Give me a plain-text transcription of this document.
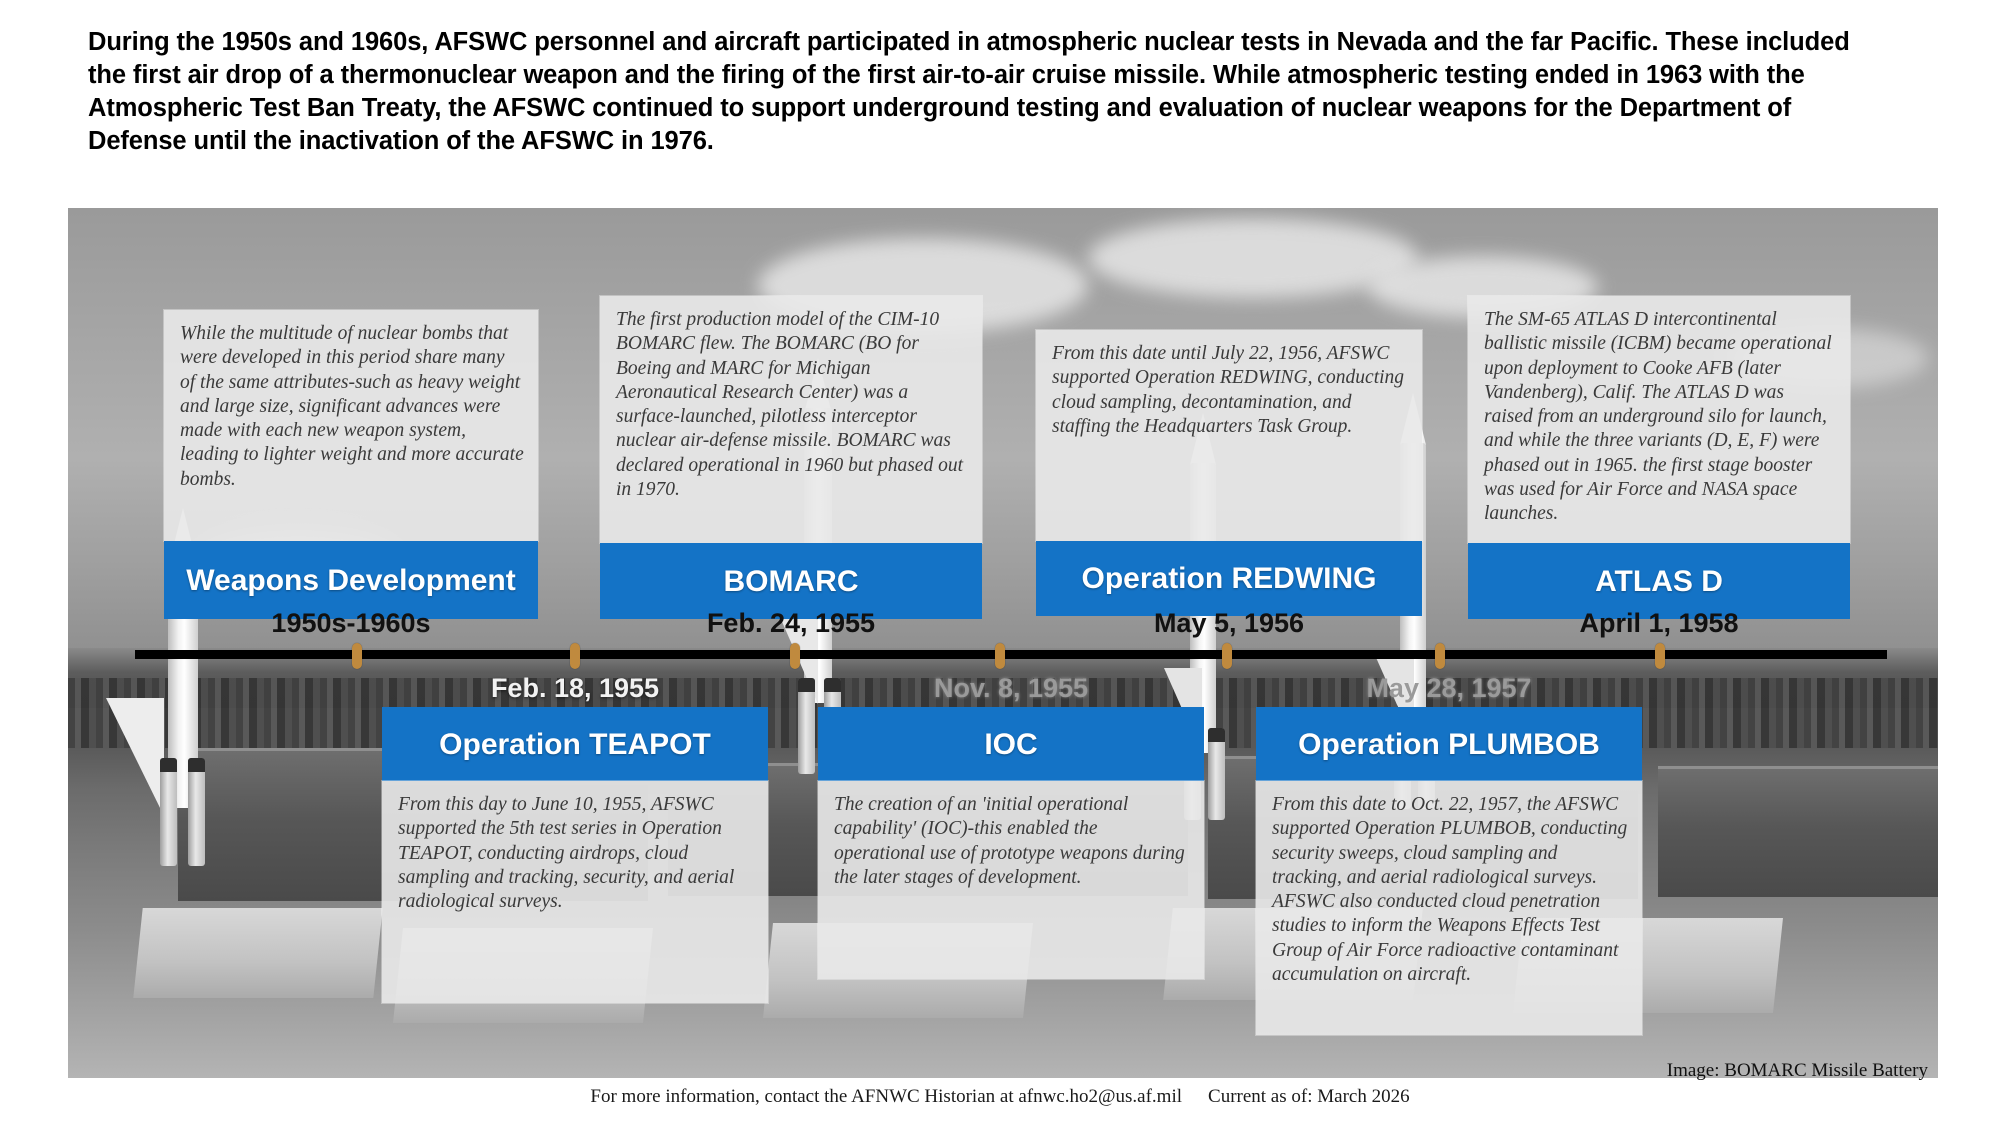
During the 1950s and 1960s, AFSWC personnel and aircraft participated in atmospheric nuclear tests in Nevada and the far Pacific. These included the first air drop of a thermonuclear weapon and the firing of the first air-to-air cruise missile. While atmospheric testing ended in 1963 with the Atmospheric Test Ban Treaty, the AFSWC continued to support underground testing and evaluation of nuclear weapons for the Department of Defense until the inactivation of the AFSWC in 1976.
While the multitude of nuclear bombs that were developed in this period share many of the same attributes-such as heavy weight and large size, significant advances were made with each new weapon system, leading to lighter weight and more accurate bombs.
Weapons Development
1950s-1960s
The first production model of the CIM-10 BOMARC flew. The BOMARC (BO for Boeing and MARC for Michigan Aeronautical Research Center) was a surface-launched, pilotless interceptor nuclear air-defense missile. BOMARC was declared operational in 1960 but phased out in 1970.
BOMARC
Feb. 24, 1955
From this date until July 22, 1956, AFSWC supported Operation REDWING, conducting cloud sampling, decontamination, and staffing the Headquarters Task Group.
Operation REDWING
May 5, 1956
The SM-65 ATLAS D intercontinental ballistic missile (ICBM) became operational upon deployment to Cooke AFB (later Vandenberg), Calif. The ATLAS D was raised from an underground silo for launch, and while the three variants (D, E, F) were phased out in 1965. the first stage booster was used for Air Force and NASA space launches.
ATLAS D
April 1, 1958
Feb. 18, 1955
Operation TEAPOT
From this day to June 10, 1955, AFSWC supported the 5th test series in Operation TEAPOT, conducting airdrops, cloud sampling and tracking, security, and aerial radiological surveys.
Nov. 8, 1955
IOC
The creation of an 'initial operational capability' (IOC)-this enabled the operational use of prototype weapons during the later stages of development.
May 28, 1957
Operation PLUMBOB
From this date to Oct. 22, 1957, the AFSWC supported Operation PLUMBOB, conducting security sweeps, cloud sampling and tracking, and aerial radiological surveys. AFSWC also conducted cloud penetration studies to inform the Weapons Effects Test Group of Air Force radioactive contaminant accumulation on aircraft.
Image: BOMARC Missile Battery
For more information, contact the AFNWC Historian at afnwc.ho2@us.af.mil Current as of: March 2026
